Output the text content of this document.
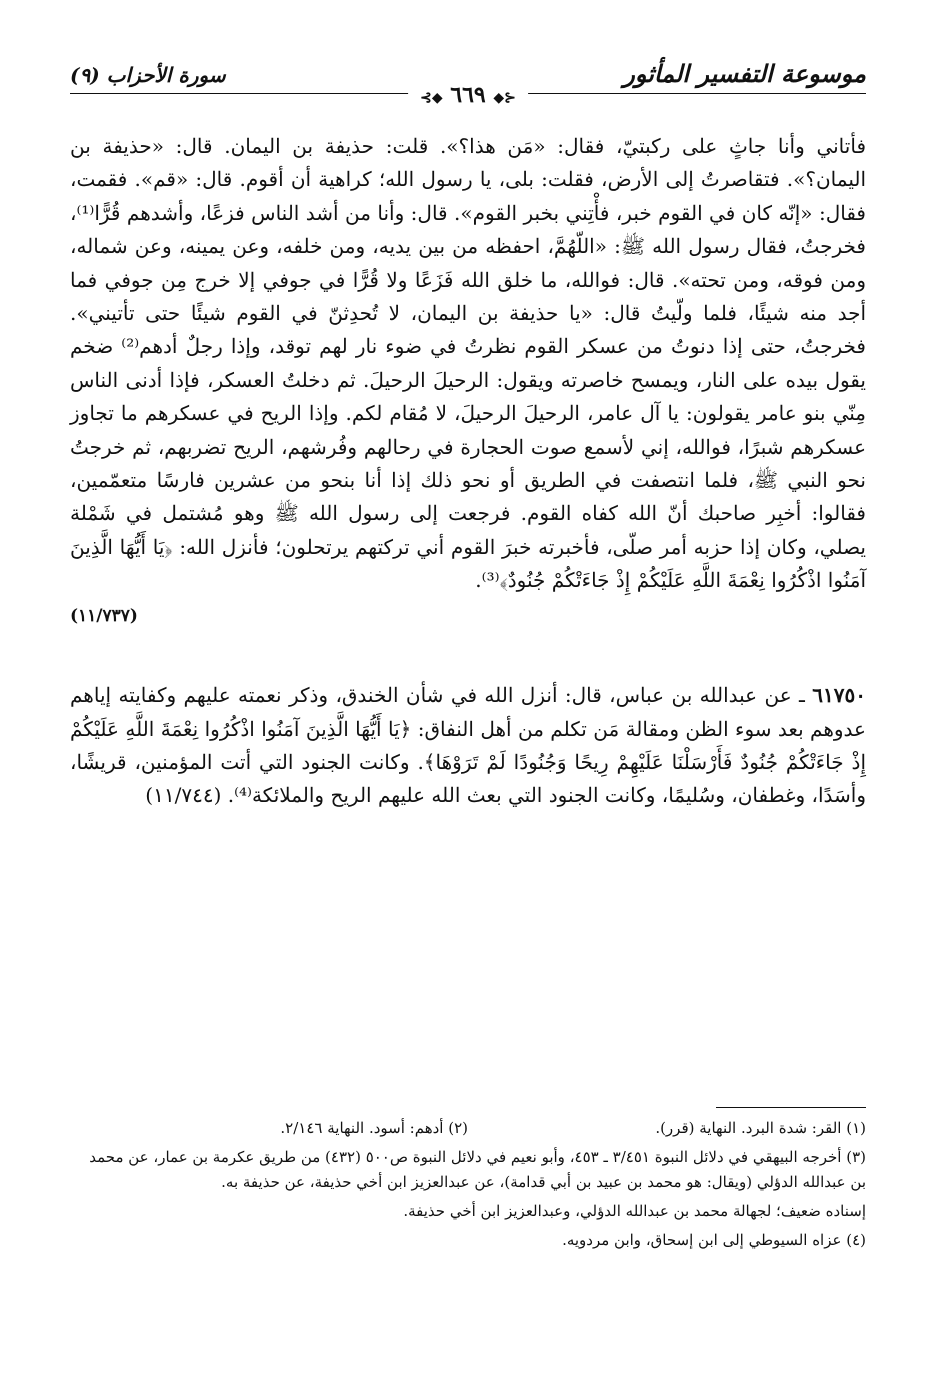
موسوعة التفسير المأثور
⊰◆ ٦٦٩ ◆⊱
سورة الأحزاب (٩)

فأتاني وأنا جاثٍ على ركبتيّ، فقال: «مَن هذا؟». قلت: حذيفة بن اليمان. قال: «حذيفة بن اليمان؟». فتقاصرتُ إلى الأرض، فقلت: بلى، يا رسول الله؛ كراهية أن أقوم. قال: «قم». فقمت، فقال: «إنّه كان في القوم خبر، فأْتِني بخبر القوم». قال: وأنا من أشد الناس فزعًا، وأشدهم قُرًّا⁽¹⁾، فخرجتُ، فقال رسول الله ﷺ: «اللّهُمَّ، احفظه من بين يديه، ومن خلفه، وعن يمينه، وعن شماله، ومن فوقه، ومن تحته». قال: فوالله، ما خلق الله فَزَعًا ولا قُرًّا في جوفي إلا خرج مِن جوفي فما أجد منه شيئًا، فلما ولّيتُ قال: «يا حذيفة بن اليمان، لا تُحدِثنّ في القوم شيئًا حتى تأتيني». فخرجتُ، حتى إذا دنوتُ من عسكر القوم نظرتُ في ضوء نار لهم توقد، وإذا رجلٌ أدهم⁽²⁾ ضخم يقول بيده على النار، ويمسح خاصرته ويقول: الرحيلَ الرحيلَ. ثم دخلتُ العسكر، فإذا أدنى الناس مِنّي بنو عامر يقولون: يا آل عامر، الرحيلَ الرحيلَ، لا مُقام لكم. وإذا الريح في عسكرهم ما تجاوز عسكرهم شبرًا، فوالله، إني لأسمع صوت الحجارة في رحالهم وفُرشهم، الريح تضربهم، ثم خرجتُ نحو النبي ﷺ، فلما انتصفت في الطريق أو نحو ذلك إذا أنا بنحو من عشرين فارسًا متعمّمين، فقالوا: أخبِر صاحبك أنّ الله كفاه القوم. فرجعت إلى رسول الله ﷺ وهو مُشتمل في شَمْلة يصلي، وكان إذا حزبه أمر صلّى، فأخبرته خبرَ القوم أني تركتهم يرتحلون؛ فأنزل الله: ﴿يَا أَيُّهَا الَّذِينَ آمَنُوا اذْكُرُوا نِعْمَةَ اللَّهِ عَلَيْكُمْ إِذْ جَاءَتْكُمْ جُنُودٌ﴾⁽³⁾.

(١١/٧٣٧)

٦١٧٥٠ ـ عن عبدالله بن عباس، قال: أنزل الله في شأن الخندق، وذكر نعمته عليهم وكفايته إياهم عدوهم بعد سوء الظن ومقالة مَن تكلم من أهل النفاق: ﴿يَا أَيُّهَا الَّذِينَ آمَنُوا اذْكُرُوا نِعْمَةَ اللَّهِ عَلَيْكُمْ إِذْ جَاءَتْكُمْ جُنُودٌ فَأَرْسَلْنَا عَلَيْهِمْ رِيحًا وَجُنُودًا لَمْ تَرَوْهَا﴾. وكانت الجنود التي أتت المؤمنين، قريشًا، وأسَدًا، وغطفان، وسُليمًا، وكانت الجنود التي بعث الله عليهم الريح والملائكة⁽⁴⁾. (١١/٧٤٤)

(١) القر: شدة البرد. النهاية (قرر).
(٢) أدهم: أسود. النهاية ٢/١٤٦.

(٣) أخرجه البيهقي في دلائل النبوة ٣/٤٥١ ـ ٤٥٣، وأبو نعيم في دلائل النبوة ص٥٠٠ (٤٣٢) من طريق عكرمة بن عمار، عن محمد بن عبدالله الدؤلي (ويقال: هو محمد بن عبيد بن أبي قدامة)، عن عبدالعزيز ابن أخي حذيفة، عن حذيفة به.

إسناده ضعيف؛ لجهالة محمد بن عبدالله الدؤلي، وعبدالعزيز ابن أخي حذيفة.

(٤) عزاه السيوطي إلى ابن إسحاق، وابن مردويه.
